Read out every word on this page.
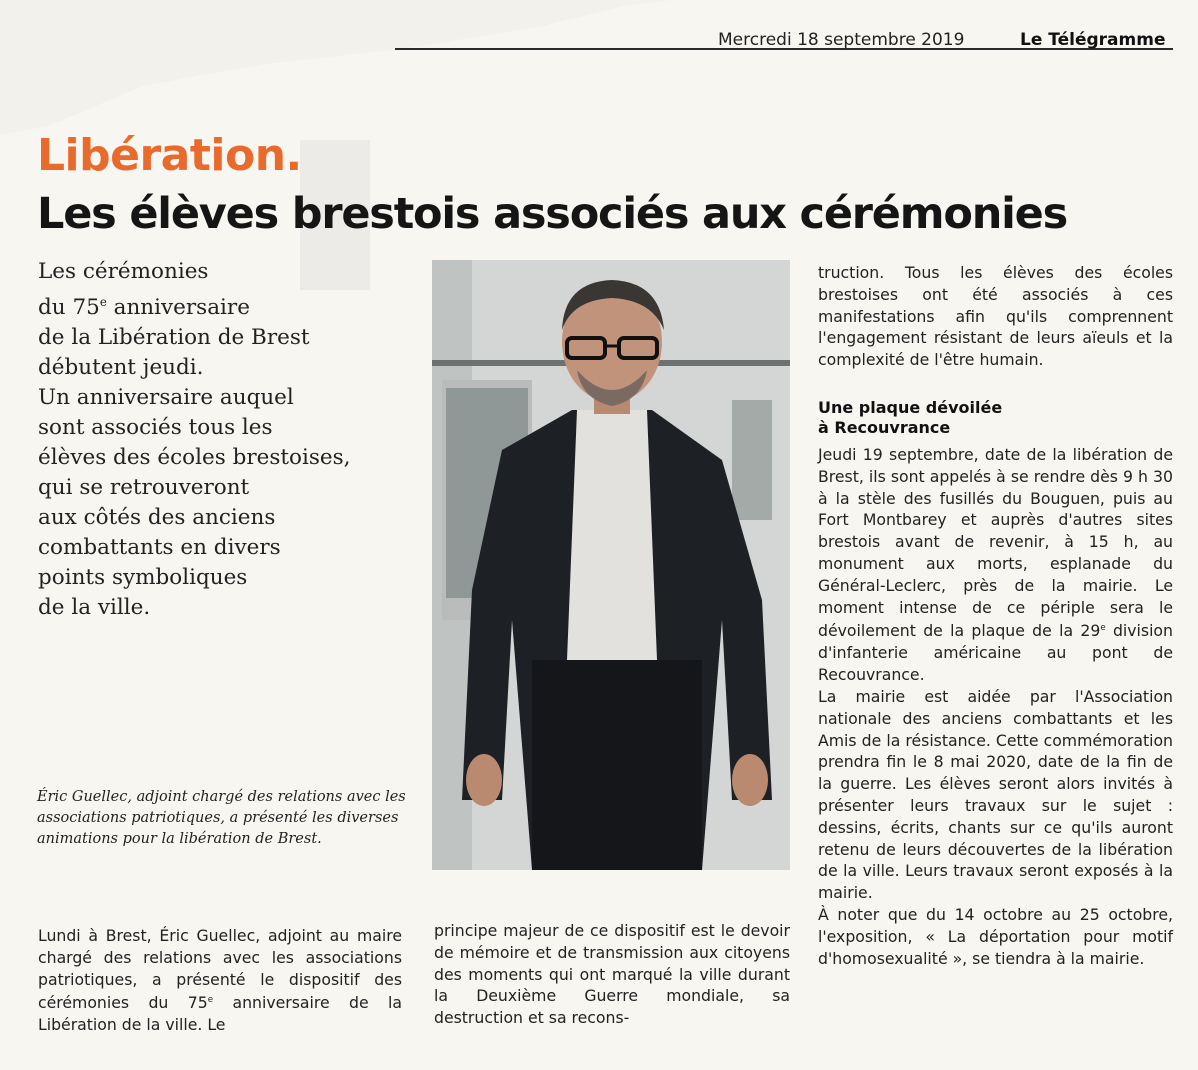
Mercredi 18 septembre 2019	Le Télégramme
Libération.
Les élèves brestois associés aux cérémonies
Les cérémonies
du 75e anniversaire
de la Libération de Brest
débutent jeudi.
Un anniversaire auquel
sont associés tous les
élèves des écoles brestoises,
qui se retrouveront
aux côtés des anciens
combattants en divers
points symboliques
de la ville.
Éric Guellec, adjoint chargé des relations avec les associations patriotiques, a présenté les diverses animations pour la libération de Brest.
Lundi à Brest, Éric Guellec, adjoint au maire chargé des relations avec les associations patriotiques, a présenté le dispositif des cérémonies du 75e anniversaire de la Libération de la ville. Le
principe majeur de ce dispositif est le devoir de mémoire et de transmission aux citoyens des moments qui ont marqué la ville durant la Deuxième Guerre mondiale, sa destruction et sa recons-
truction. Tous les élèves des écoles brestoises ont été associés à ces manifestations afin qu'ils comprennent l'engagement résistant de leurs aïeuls et la complexité de l'être humain.
Une plaque dévoilée
à Recouvrance

Jeudi 19 septembre, date de la libération de Brest, ils sont appelés à se rendre dès 9 h 30 à la stèle des fusillés du Bouguen, puis au Fort Montbarey et auprès d'autres sites brestois avant de revenir, à 15 h, au monument aux morts, esplanade du Général-Leclerc, près de la mairie. Le moment intense de ce périple sera le dévoilement de la plaque de la 29e division d'infanterie américaine au pont de Recouvrance.

La mairie est aidée par l'Association nationale des anciens combattants et les Amis de la résistance. Cette commémoration prendra fin le 8 mai 2020, date de la fin de la guerre. Les élèves seront alors invités à présenter leurs travaux sur le sujet : dessins, écrits, chants sur ce qu'ils auront retenu de leurs découvertes de la libération de la ville. Leurs travaux seront exposés à la mairie.

À noter que du 14 octobre au 25 octobre, l'exposition, « La déportation pour motif d'homosexualité », se tiendra à la mairie.
